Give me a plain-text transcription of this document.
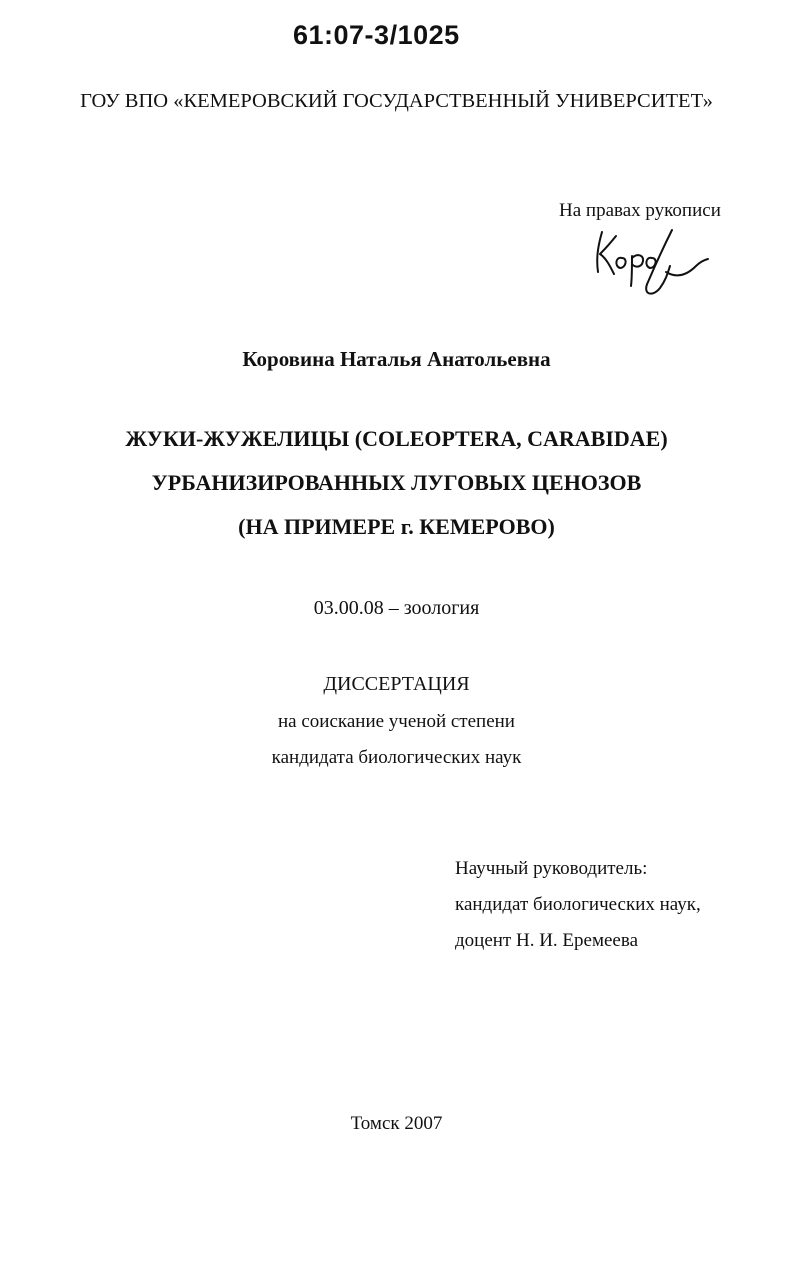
61:07-3/1025

ГОУ ВПО «КЕМЕРОВСКИЙ ГОСУДАРСТВЕННЫЙ УНИВЕРСИТЕТ»

На правах рукописи

Коровина Наталья Анатольевна

ЖУКИ-ЖУЖЕЛИЦЫ (COLEOPTERA, CARABIDAE)

УРБАНИЗИРОВАННЫХ ЛУГОВЫХ ЦЕНОЗОВ

(НА ПРИМЕРЕ г. КЕМЕРОВО)

03.00.08 – зоология

ДИССЕРТАЦИЯ

на соискание ученой степени

кандидата биологических наук

Научный руководитель:

кандидат биологических наук,

доцент Н. И. Еремеева

Томск 2007
